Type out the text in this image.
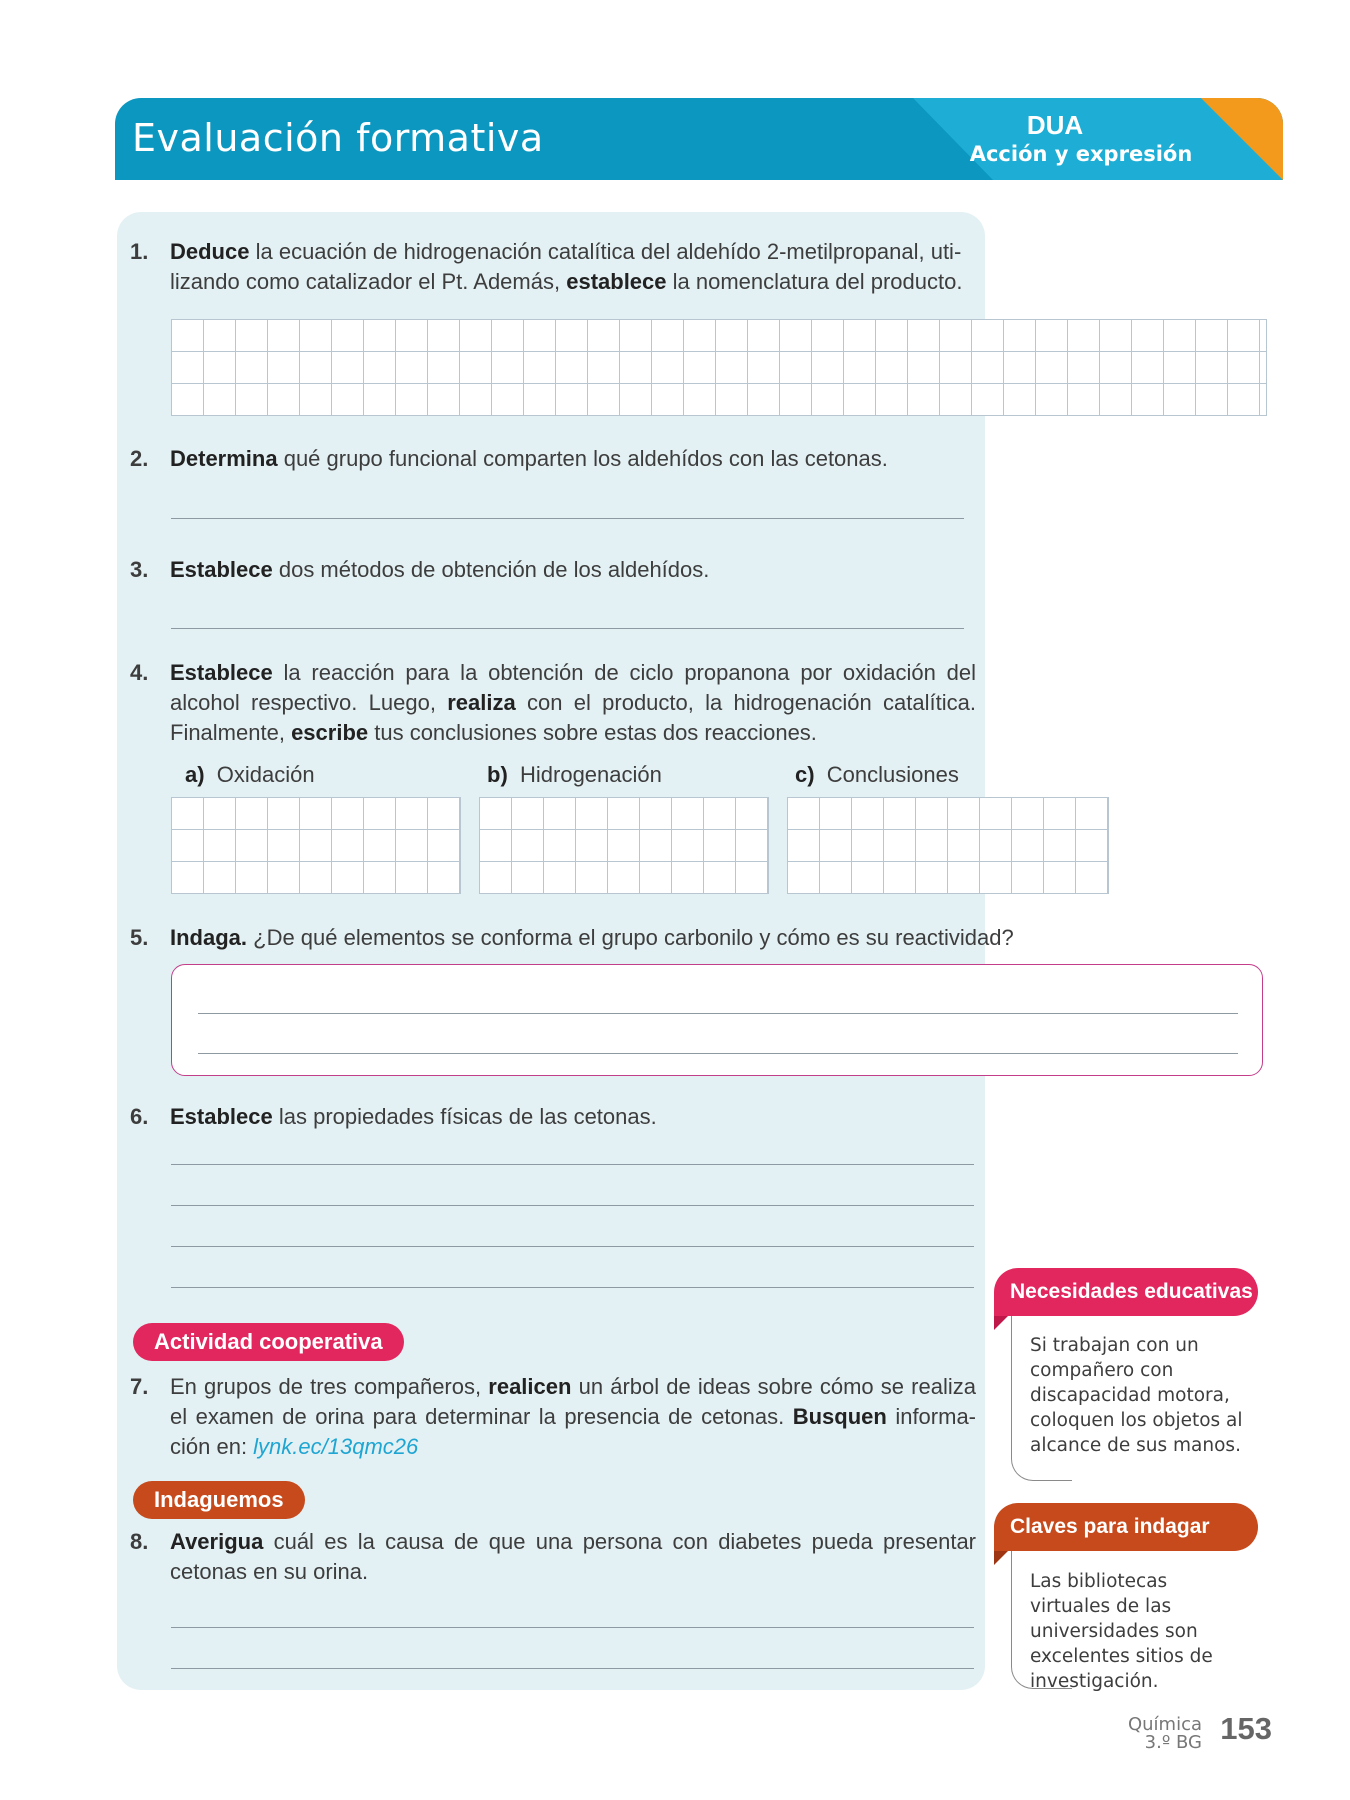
Evaluación formativa	DUA
Acción y expresión
1. Deduce la ecuación de hidrogenación catalítica del aldehído 2-metilpropanal, uti-
lizando como catalizador el Pt. Además, establece la nomenclatura del producto.
2. Determina qué grupo funcional comparten los aldehídos con las cetonas.
3. Establece dos métodos de obtención de los aldehídos.
4. Establece la reacción para la obtención de ciclo propanona por oxidación del alcohol respectivo. Luego, realiza con el producto, la hidrogenación catalítica. Finalmente, escribe tus conclusiones sobre estas dos reacciones.
a) Oxidación	b) Hidrogenación	c) Conclusiones
5. Indaga. ¿De qué elementos se conforma el grupo carbonilo y cómo es su reactividad?
6. Establece las propiedades físicas de las cetonas.
Actividad cooperativa
7. En grupos de tres compañeros, realicen un árbol de ideas sobre cómo se realiza el examen de orina para determinar la presencia de cetonas. Busquen informa-ción en: lynk.ec/13qmc26
Indaguemos
8. Averigua cuál es la causa de que una persona con diabetes pueda presentar cetonas en su orina.
Necesidades educativas
Si trabajan con un compañero con discapacidad motora, coloquen los objetos al alcance de sus manos.
Claves para indagar
Las bibliotecas virtuales de las universidades son excelentes sitios de investigación.
Química
3.º BG 153
